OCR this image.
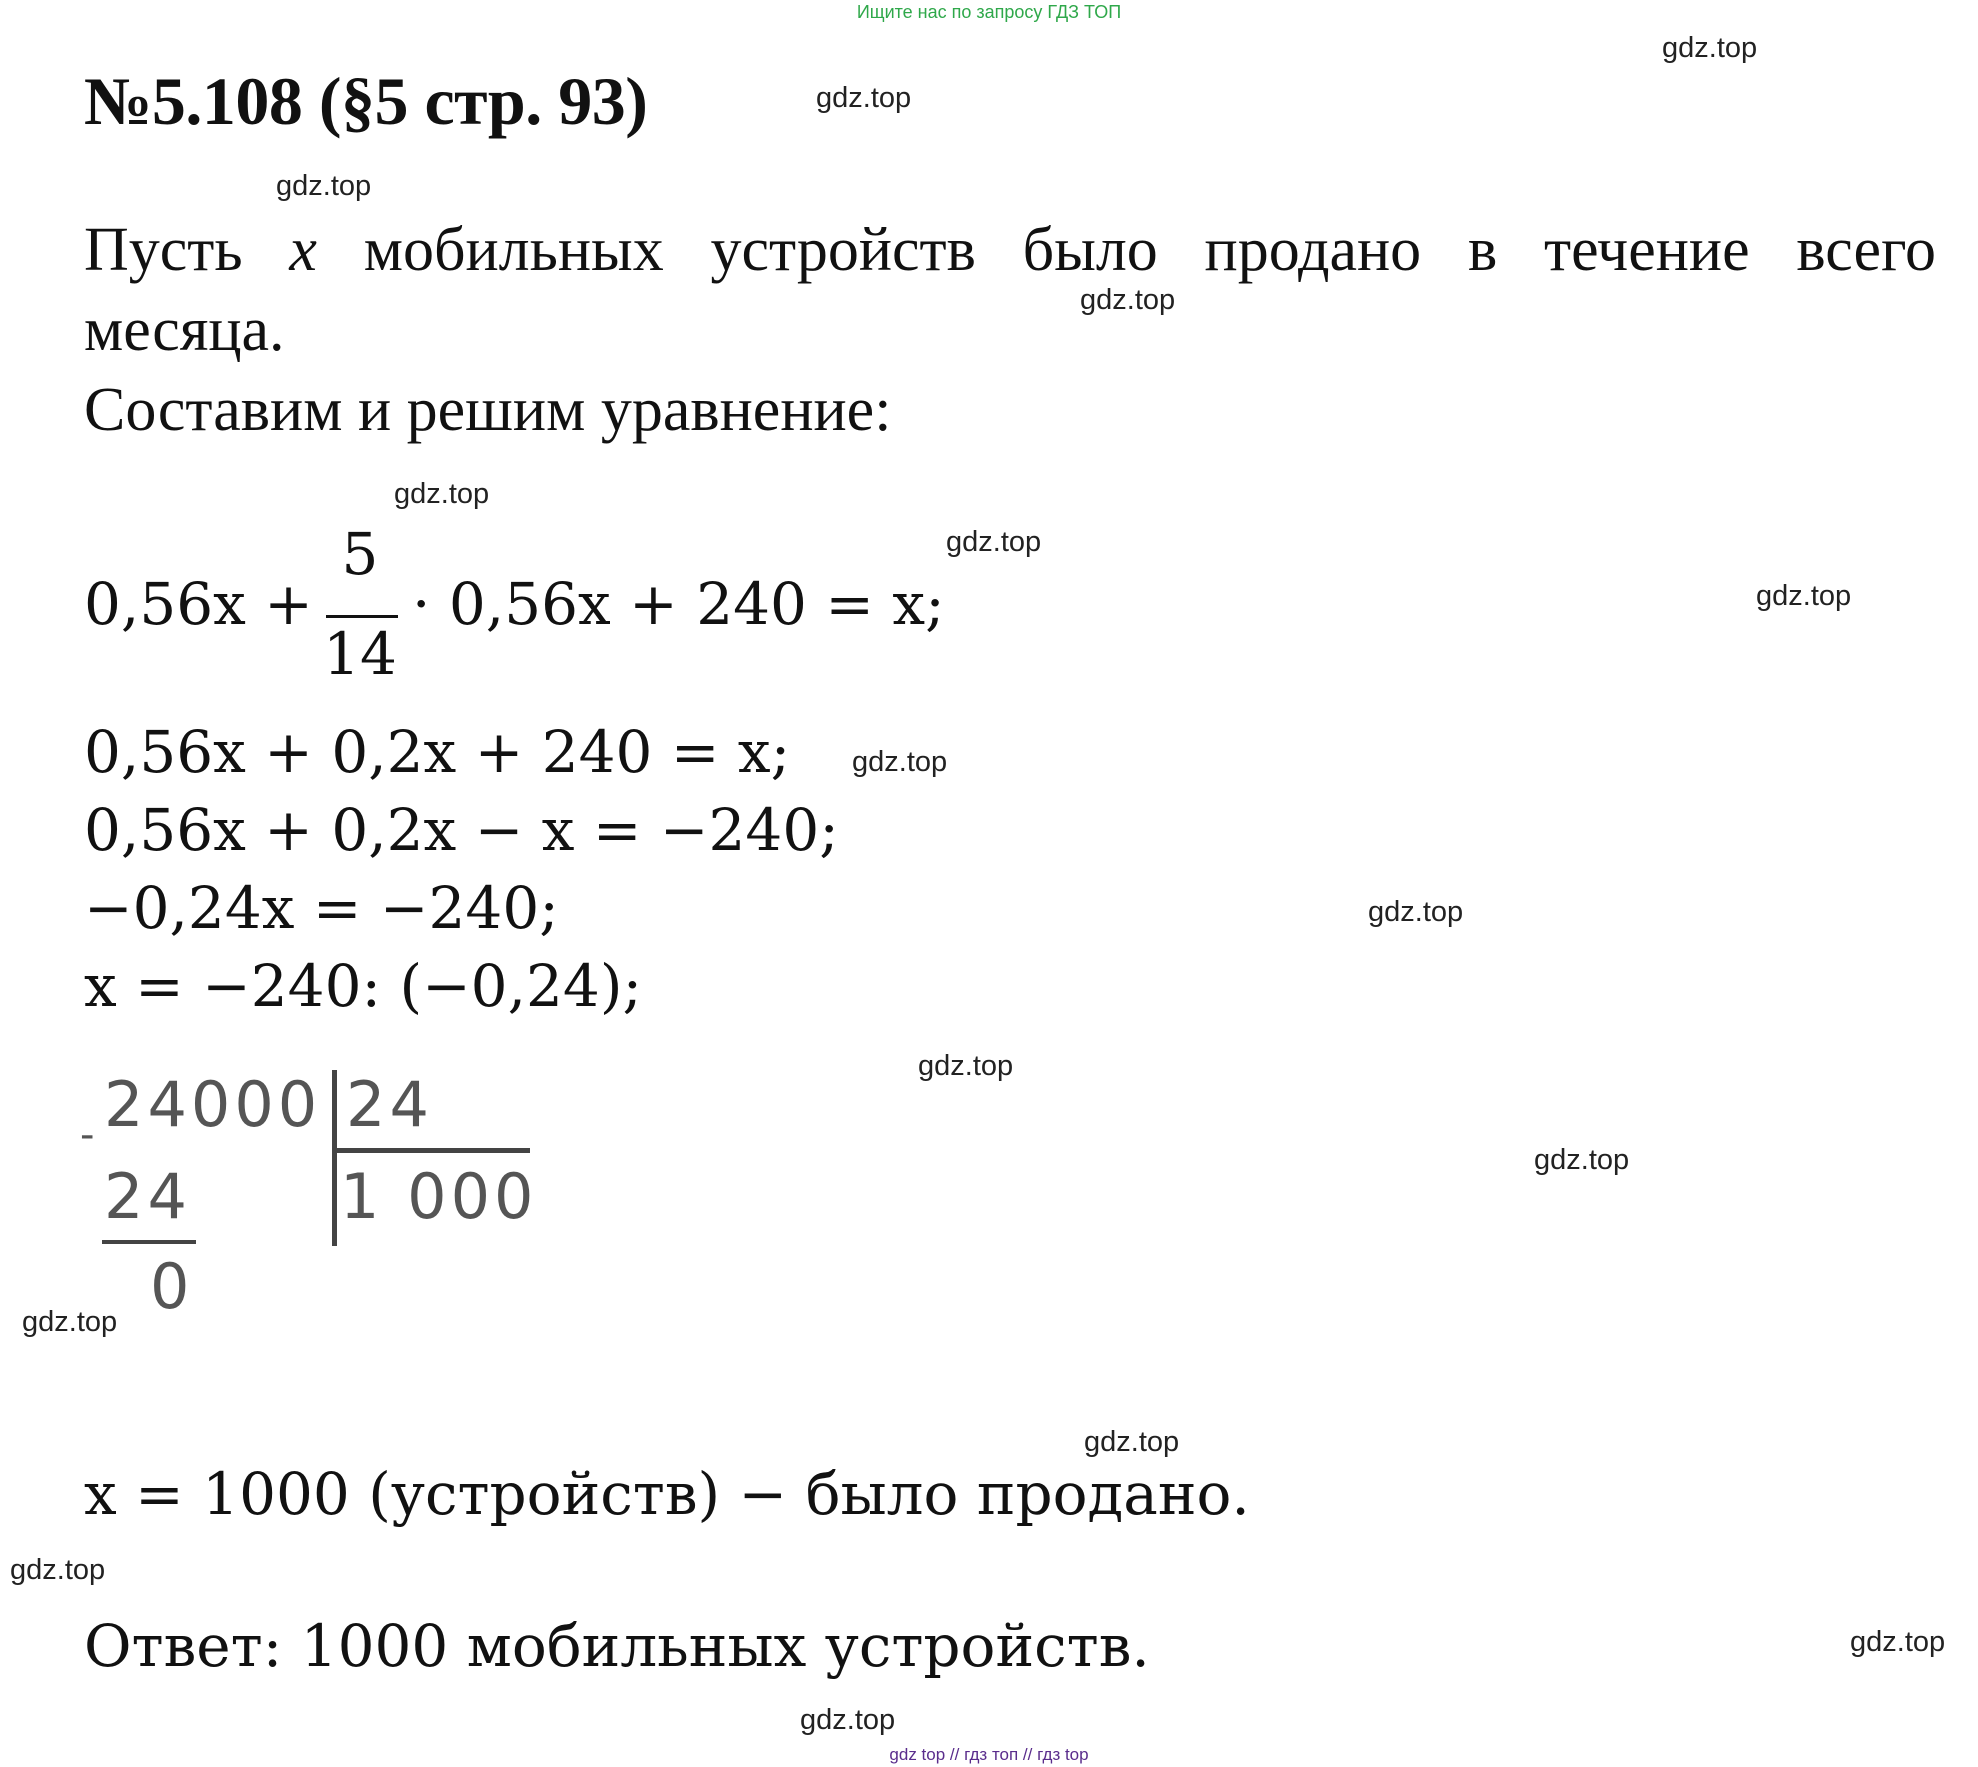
Ищите нас по запросу ГДЗ ТОП
№5.108 (§5 стр. 93)
gdz.top
gdz.top
gdz.top
gdz.top
gdz.top
gdz.top
gdz.top
gdz.top
gdz.top
gdz.top
gdz.top
gdz.top
gdz.top
gdz.top
gdz.top
gdz.top
Пусть x мобильных устройств было продано в течение всего
месяца.
Составим и решим уравнение:
0,56x +
5
14
· 0,56x + 240 = x;
0,56x + 0,2x + 240 = x;
0,56x + 0,2x − x = −240;
−0,24x = −240;
x = −240: (−0,24);
24000 24
-
24 1 000
0
x = 1000 (устройств) − было продано.
Ответ: 1000 мобильных устройств.
gdz top // гдз топ // гдз top
